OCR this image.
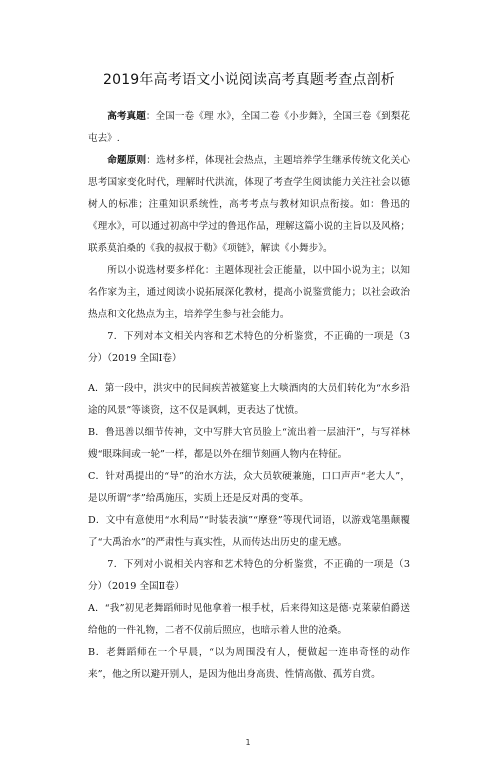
2019年高考语文小说阅读高考真题考查点剖析

高考真题：全国一卷《理 水》，全国二卷《小步舞》，全国三卷《到梨花屯去》.

命题原则：选材多样，体现社会热点，主题培养学生继承传统文化关心思考国家变化时代，理解时代洪流，体现了考查学生阅读能力关注社会以德树人的标准；注重知识系统性，高考考点与教材知识点衔接。如：鲁迅的《理水》，可以通过初高中学过的鲁迅作品，理解这篇小说的主旨以及风格；联系莫泊桑的《我的叔叔于勒》《项链》，解读《小舞步》。

所以小说选材要多样化：主题体现社会正能量，以中国小说为主；以知名作家为主，通过阅读小说拓展深化教材，提高小说鉴赏能力；以社会政治热点和文化热点为主，培养学生参与社会能力。

7．下列对本文相关内容和艺术特色的分析鉴赏，不正确的一项是（3 分）（2019 全国Ⅰ卷）

A．第一段中，洪灾中的民间疾苦被筵宴上大啖酒肉的大员们转化为“水乡沿途的风景”等谈资，这不仅是讽刺，更表达了忧愤。

B．鲁迅善以细节传神，文中写胖大官员脸上“流出着一层油汗”，与写祥林嫂“眼珠间或一轮”一样，都是以外在细节刻画人物内在特征。

C．针对禹提出的“导”的治水方法，众大员软硬兼施，口口声声“老大人”，是以所谓“孝”给禹施压，实质上还是反对禹的变革。

D．文中有意使用“水利局”“时装表演”“摩登”等现代词语，以游戏笔墨颠覆了“大禹治水”的严肃性与真实性，从而传达出历史的虚无感。

7．下列对小说相关内容和艺术特色的分析鉴赏，不正确的一项是（3 分）（2019 全国Ⅱ卷）

A．“我”初见老舞蹈师时见他拿着一根手杖，后来得知这是德·克莱蒙伯爵送给他的一件礼物，二者不仅前后照应，也暗示着人世的沧桑。

B．老舞蹈师在一个早晨，“以为周围没有人，便做起一连串奇怪的动作来”，他之所以避开别人，是因为他出身高贵、性情高傲、孤芳自赏。

1
